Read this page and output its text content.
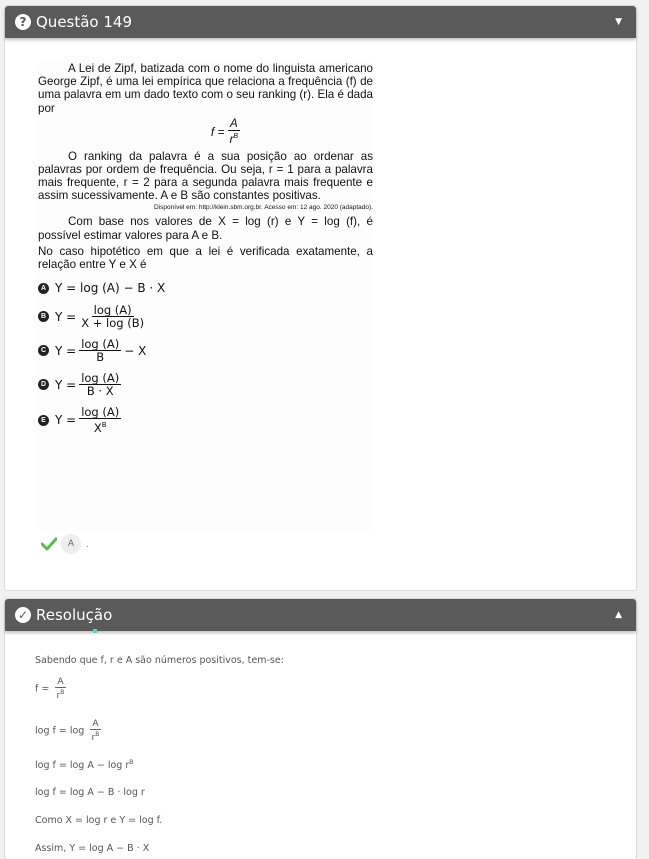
? Questão 149	▼
A Lei de Zipf, batizada com o nome do linguista americano George Zipf, é uma lei empírica que relaciona a frequência (f) de uma palavra em um dado texto com o seu ranking (r). Ela é dada por
$f = \frac{A}{r^B}$
O ranking da palavra é a sua posição ao ordenar as palavras por ordem de frequência. Ou seja, r = 1 para a palavra mais frequente, r = 2 para a segunda palavra mais frequente e assim sucessivamente. A e B são constantes positivas.
Disponível em: http://klein.sbm.org.br. Acesso em: 12 ago. 2020 (adaptado).
Com base nos valores de X = log (r) e Y = log (f), é possível estimar valores para A e B.
No caso hipotético em que a lei é verificada exatamente, a relação entre Y e X é
A Y = log (A) − B · X
B $Y = \frac{\log (A)}{X + \log (B)}$
C $Y = \frac{\log (A)}{B} - X$
D $Y = \frac{\log (A)}{B \cdot X}$
E $Y = \frac{\log (A)}{X^B}$
A	.
✓ Resolução	▲
Sabendo que f, r e A são números positivos, tem-se:
$f = \frac{A}{r^B}$
$\log f = \log \frac{A}{r^B}$
$\log f = \log A - \log r^B$
log f = log A − B · log r
Como X = log r e Y = log f.
Assim, Y = log A − B · X
